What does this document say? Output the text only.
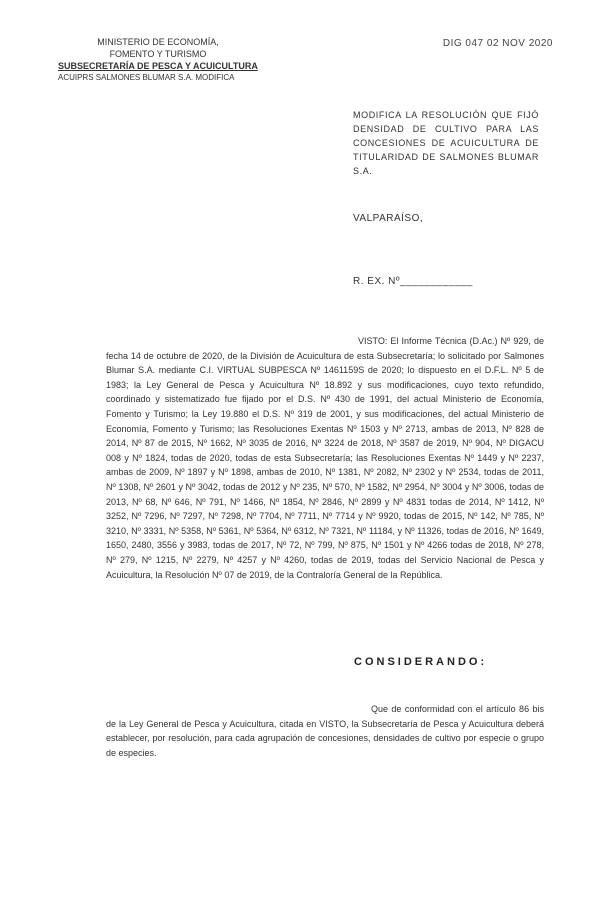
MINISTERIO DE ECONOMÍA,
FOMENTO Y TURISMO
SUBSECRETARÍA DE PESCA Y ACUICULTURA
ACUIPRS SALMONES BLUMAR S.A. MODIFICA
DIG 047 02 NOV 2020
MODIFICA LA RESOLUCIÓN QUE FIJÓ DENSIDAD DE CULTIVO PARA LAS CONCESIONES DE ACUICULTURA DE TITULARIDAD DE SALMONES BLUMAR S.A.
VALPARAÍSO,
R. EX. Nº____________
VISTO: El Informe Técnica (D.Ac.) Nº 929, de fecha 14 de octubre de 2020, de la División de Acuicultura de esta Subsecretaría; lo solicitado por Salmones Blumar S.A. mediante C.I. VIRTUAL SUBPESCA Nº 1461159S de 2020; lo dispuesto en el D.F.L. Nº 5 de 1983; la Ley General de Pesca y Acuicultura Nº 18.892 y sus modificaciones, cuyo texto refundido, coordinado y sistematizado fue fijado por el D.S. Nº 430 de 1991, del actual Ministerio de Economía, Fomento y Turismo; la Ley 19.880 el D.S. Nº 319 de 2001, y sus modificaciones, del actual Ministerio de Economía, Fomento y Turismo; las Resoluciones Exentas Nº 1503 y Nº 2713, ambas de 2013, Nº 828 de 2014, Nº 87 de 2015, Nº 1662, Nº 3035 de 2016, Nº 3224 de 2018, Nº 3587 de 2019, Nº 904, Nº DIGACU 008 y Nº 1824, todas de 2020, todas de esta Subsecretaría; las Resoluciones Exentas Nº 1449 y Nº 2237, ambas de 2009, Nº 1897 y Nº 1898, ambas de 2010, Nº 1381, Nº 2082, Nº 2302 y Nº 2534, todas de 2011, Nº 1308, Nº 2601 y Nº 3042, todas de 2012 y Nº 235, Nº 570, Nº 1582, Nº 2954, Nº 3004 y Nº 3006, todas de 2013, Nº 68, Nº 646, Nº 791, Nº 1466, Nº 1854, Nº 2846, Nº 2899 y Nº 4831 todas de 2014, Nº 1412, Nº 3252, Nº 7296, Nº 7297, Nº 7298, Nº 7704, Nº 7711, Nº 7714 y Nº 9920, todas de 2015, Nº 142, Nº 785, Nº 3210, Nº 3331, Nº 5358, Nº 5361, Nº 5364, Nº 6312, Nº 7321, Nº 11184, y Nº 11326, todas de 2016, Nº 1649, 1650, 2480, 3556 y 3983, todas de 2017, Nº 72, Nº 799, Nº 875, Nº 1501 y Nº 4266 todas de 2018, Nº 278, Nº 279, Nº 1215, Nº 2279, Nº 4257 y Nº 4260, todas de 2019, todas del Servicio Nacional de Pesca y Acuicultura, la Resolución Nº 07 de 2019, de la Contraloría General de la República.
CONSIDERANDO:
Que de conformidad con el artículo 86 bis de la Ley General de Pesca y Acuicultura, citada en VISTO, la Subsecretaría de Pesca y Acuicultura deberá establecer, por resolución, para cada agrupación de concesiones, densidades de cultivo por especie o grupo de especies.
